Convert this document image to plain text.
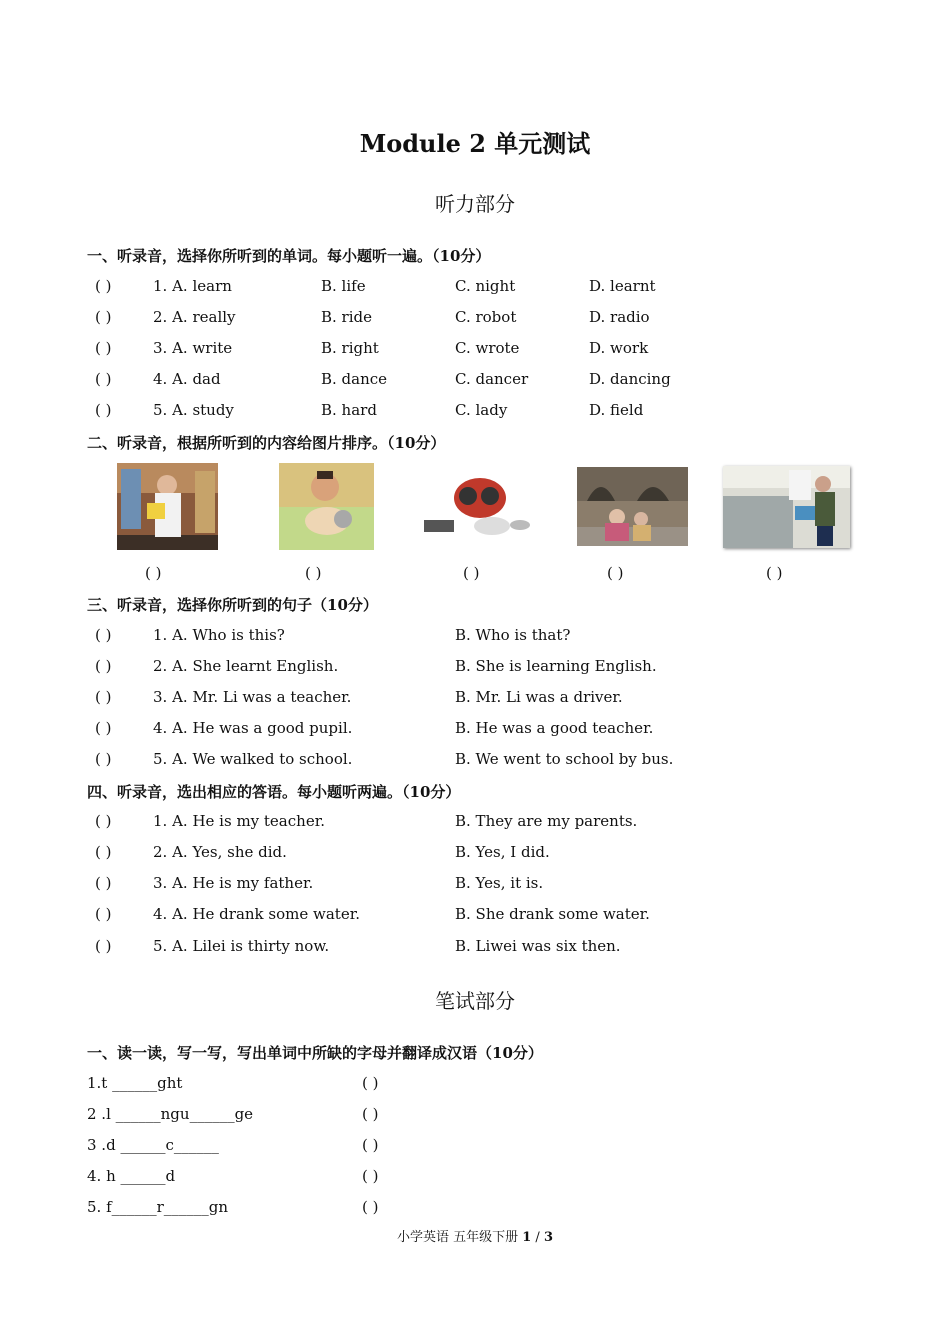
Module 2 单元测试
听力部分
一、听录音，选择你所听到的单词。每小题听一遍。（10分）
( )	1. A. learn	B. life	C. night	D. learnt
( )	2. A. really	B. ride	C. robot	D. radio
( )	3. A. write	B. right	C. wrote	D. work
( )	4. A. dad	B. dance	C. dancer	D. dancing
( )	5. A. study	B. hard	C. lady	D. field
二、听录音，根据所听到的内容给图片排序。（10分）
( )	( )	( )	( )	( )
三、听录音，选择你所听到的句子（10分）
( )	1. A. Who is this?	B. Who is that?
( )	2. A. She learnt English.	B. She is learning English.
( )	3. A. Mr. Li was a teacher.	B. Mr. Li was a driver.
( )	4. A. He was a good pupil.	B. He was a good teacher.
( )	5. A. We walked to school.	B. We went to school by bus.
四、听录音，选出相应的答语。每小题听两遍。（10分）
( )	1. A. He is my teacher.	B. They are my parents.
( )	2. A. Yes, she did.	B. Yes, I did.
( )	3. A. He is my father.	B. Yes, it is.
( )	4. A. He drank some water.	B. She drank some water.
( )	5. A. Lilei is thirty now.	B. Liwei was six then.
笔试部分
一、读一读，写一写，写出单词中所缺的字母并翻译成汉语（10分）
1.t ______ght	( )
2 .l ______ngu______ge	( )
3 .d ______c______	( )
4. h ______d	( )
5. f______r______gn	( )
小学英语 五年级下册 1 / 3
